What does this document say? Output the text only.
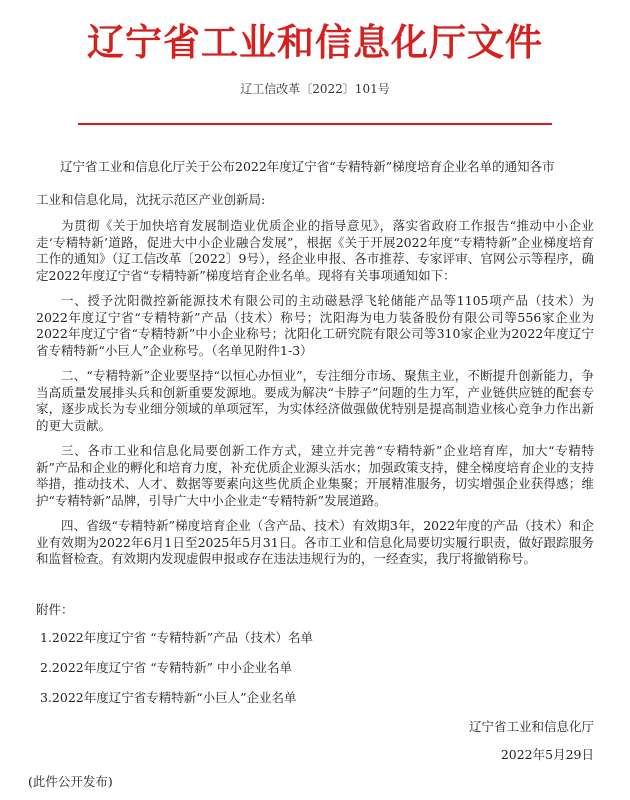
辽宁省工业和信息化厅文件
辽工信改革〔2022〕101号
辽宁省工业和信息化厅关于公布2022年度辽宁省“专精特新”梯度培育企业名单的通知各市
工业和信息化局，沈抚示范区产业创新局:

为贯彻《关于加快培育发展制造业优质企业的指导意见》，落实省政府工作报告“推动中小企业走‘专精特新’道路，促进大中小企业融合发展”，根据《关于开展2022年度“专精特新”企业梯度培育工作的通知》（辽工信改革〔2022〕9号），经企业申报、各市推荐、专家评审、官网公示等程序，确定2022年度辽宁省“专精特新”梯度培育企业名单。现将有关事项通知如下：

一、授予沈阳微控新能源技术有限公司的主动磁悬浮飞轮储能产品等1105项产品（技术）为2022年度辽宁省“专精特新”产品（技术）称号；沈阳海为电力装备股份有限公司等556家企业为2022年度辽宁省“专精特新”中小企业称号；沈阳化工研究院有限公司等310家企业为2022年度辽宁省专精特新“小巨人”企业称号。（名单见附件1-3）

二、“专精特新”企业要坚持“以恒心办恒业”，专注细分市场、聚焦主业，不断提升创新能力，争当高质量发展排头兵和创新重要发源地。要成为解决“卡脖子”问题的生力军，产业链供应链的配套专家，逐步成长为专业细分领域的单项冠军，为实体经济做强做优特别是提高制造业核心竞争力作出新的更大贡献。

三、各市工业和信息化局要创新工作方式，建立并完善“专精特新”企业培育库，加大“专精特新”产品和企业的孵化和培育力度，补充优质企业源头活水；加强政策支持，健全梯度培育企业的支持举措，推动技术、人才、数据等要素向这些优质企业集聚；开展精准服务，切实增强企业获得感；维护“专精特新”品牌，引导广大中小企业走“专精特新”发展道路。

四、省级“专精特新”梯度培育企业（含产品、技术）有效期3年，2022年度的产品（技术）和企业有效期为2022年6月1日至2025年5月31日。各市工业和信息化局要切实履行职责，做好跟踪服务和监督检查。有效期内发现虚假申报或存在违法违规行为的，一经查实，我厅将撤销称号。

附件：
1.2022年度辽宁省 “专精特新”产品（技术）名单
2.2022年度辽宁省 “专精特新” 中小企业名单
3.2022年度辽宁省专精特新“小巨人”企业名单
辽宁省工业和信息化厅
2022年5月29日
(此件公开发布)
